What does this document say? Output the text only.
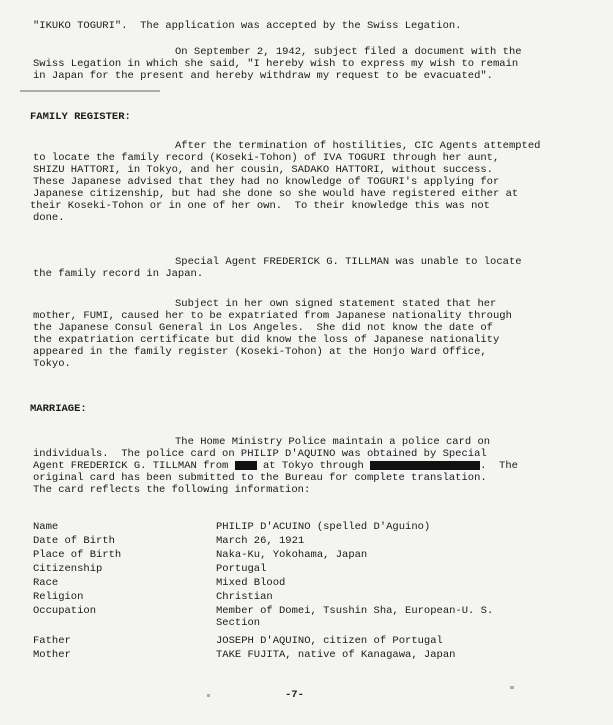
"IKUKO TOGURI".  The application was accepted by the Swiss Legation.
On September 2, 1942, subject filed a document with the
Swiss Legation in which she said, "I hereby wish to express my wish to remain
in Japan for the present and hereby withdraw my request to be evacuated".
FAMILY REGISTER:
After the termination of hostilities, CIC Agents attempted
to locate the family record (Koseki-Tohon) of IVA TOGURI through her aunt,
SHIZU HATTORI, in Tokyo, and her cousin, SADAKO HATTORI, without success.
These Japanese advised that they had no knowledge of TOGURI's applying for
Japanese citizenship, but had she done so she would have registered either at
their Koseki-Tohon or in one of her own.  To their knowledge this was not
done.
Special Agent FREDERICK G. TILLMAN was unable to locate
the family record in Japan.
Subject in her own signed statement stated that her
mother, FUMI, caused her to be expatriated from Japanese nationality through
the Japanese Consul General in Los Angeles.  She did not know the date of
the expatriation certificate but did know the loss of Japanese nationality
appeared in the family register (Koseki-Tohon) at the Honjo Ward Office,
Tokyo.
MARRIAGE:
The Home Ministry Police maintain a police card on
individuals.  The police card on PHILIP D'AQUINO was obtained by Special
Agent FREDERICK G. TILLMAN from	at Tokyo through	.  The
original card has been submitted to the Bureau for complete translation.
The card reflects the following information:
Name	PHILIP D'ACUINO (spelled D'Aguino)
Date of Birth	March 26, 1921
Place of Birth	Naka-Ku, Yokohama, Japan
Citizenship	Portugal
Race	Mixed Blood
Religion	Christian
Occupation	Member of Domei, Tsushin Sha, European-U. S.
Section
Father	JOSEPH D'AQUINO, citizen of Portugal
Mother	TAKE FUJITA, native of Kanagawa, Japan
-7-
